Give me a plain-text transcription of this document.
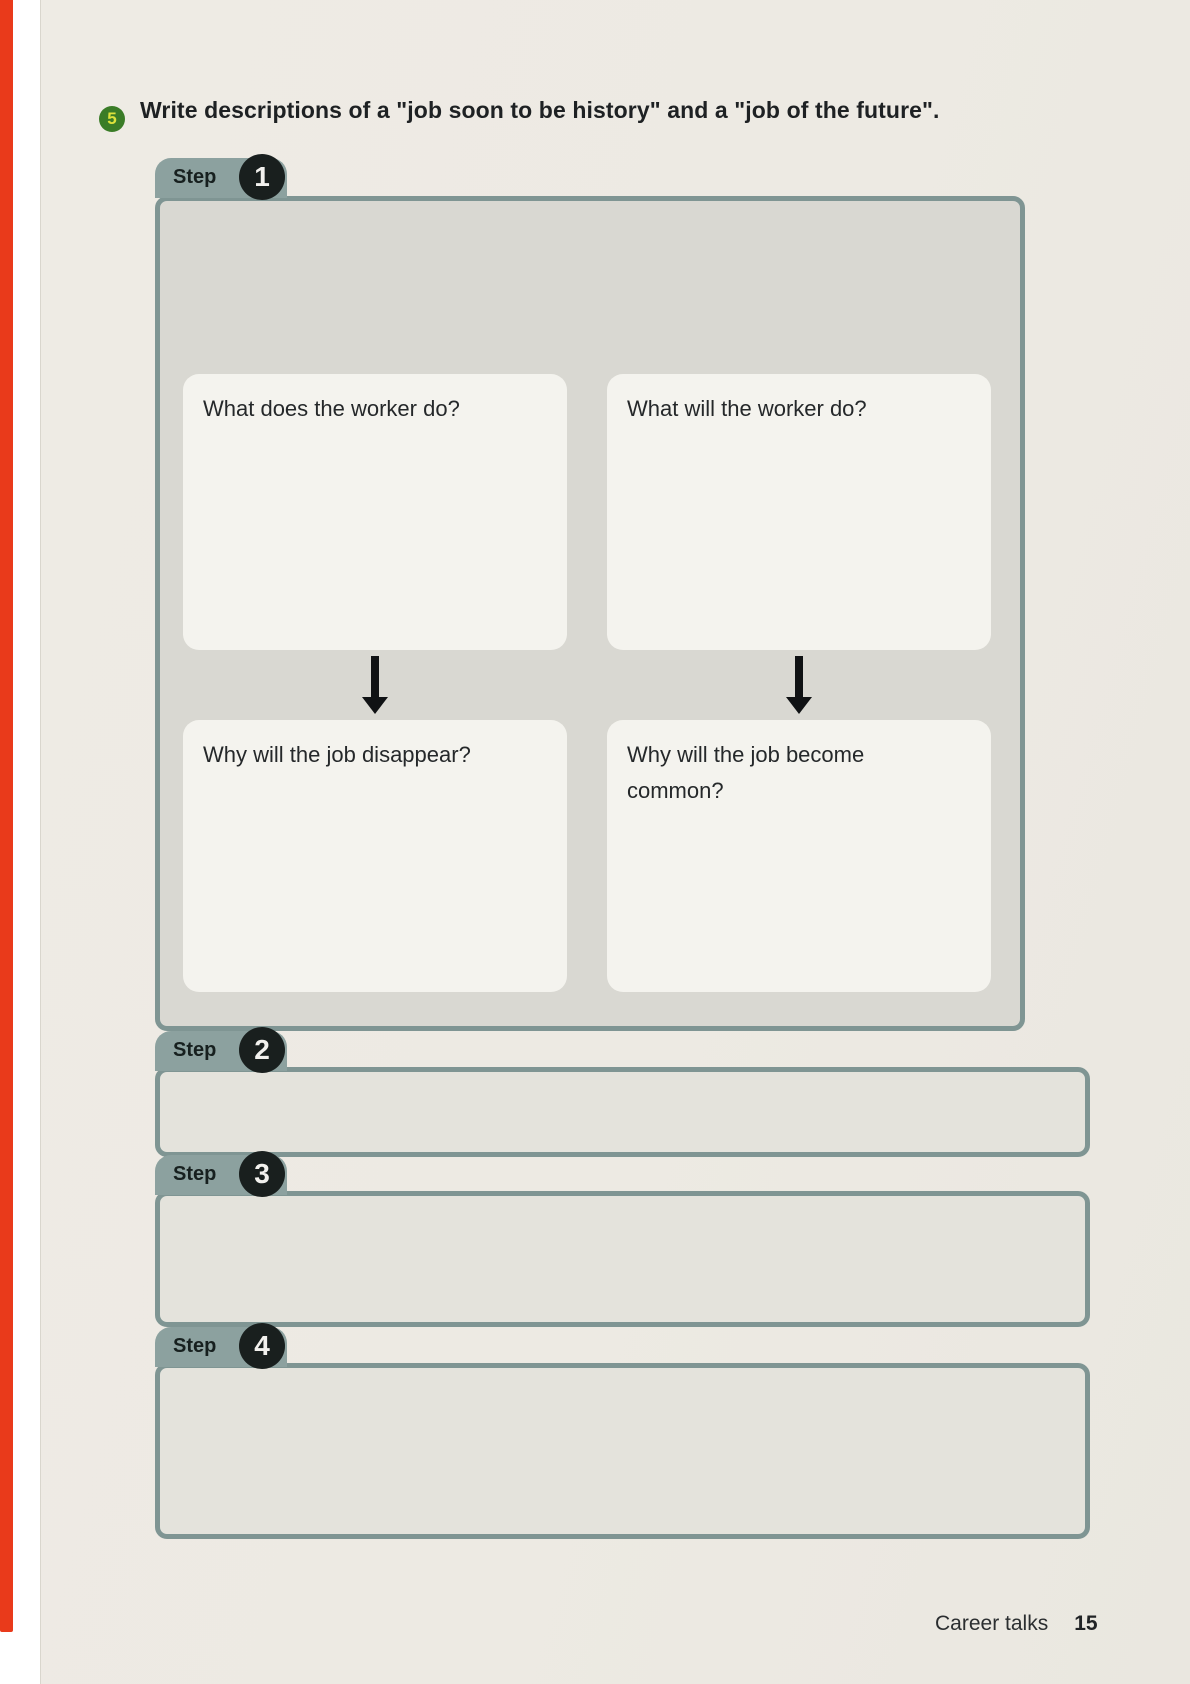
5	Write descriptions of a "job soon to be history" and a "job of the future".
Step	1
What does the worker do?	What will the worker do?
Why will the job disappear?	Why will the job become common?
Step	2
Step	3
Step	4
Career talks 15
